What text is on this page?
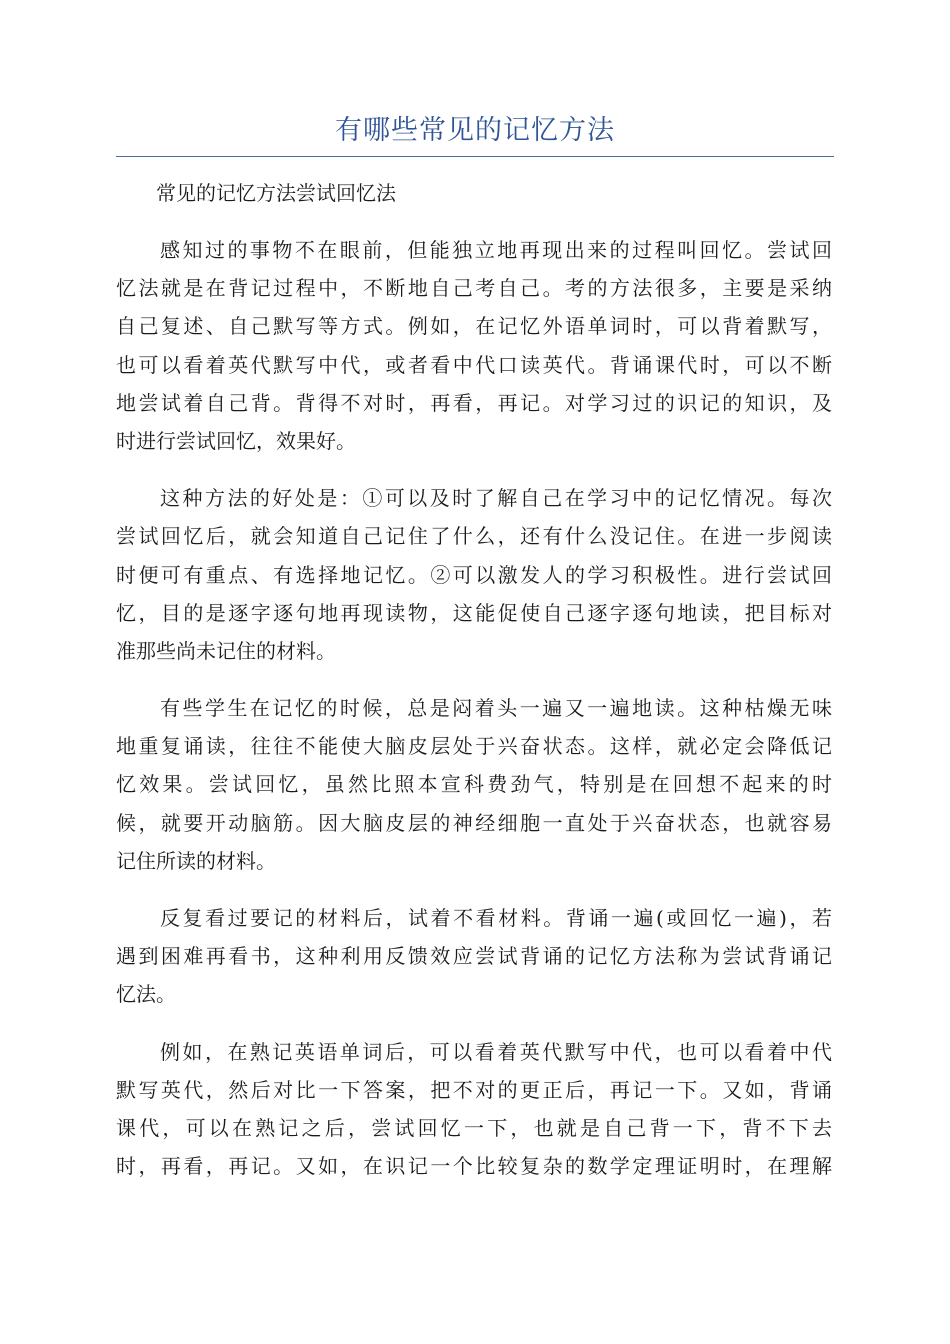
有哪些常见的记忆方法
常见的记忆方法尝试回忆法
感知过的事物不在眼前，但能独立地再现出来的过程叫回忆。尝试回
忆法就是在背记过程中，不断地自己考自己。考的方法很多，主要是采纳
自己复述、自己默写等方式。例如，在记忆外语单词时，可以背着默写，
也可以看着英代默写中代，或者看中代口读英代。背诵课代时，可以不断
地尝试着自己背。背得不对时，再看，再记。对学习过的识记的知识，及
时进行尝试回忆，效果好。
这种方法的好处是：①可以及时了解自己在学习中的记忆情况。每次
尝试回忆后，就会知道自己记住了什么，还有什么没记住。在进一步阅读
时便可有重点、有选择地记忆。②可以激发人的学习积极性。进行尝试回
忆，目的是逐字逐句地再现读物，这能促使自己逐字逐句地读，把目标对
准那些尚未记住的材料。
有些学生在记忆的时候，总是闷着头一遍又一遍地读。这种枯燥无味
地重复诵读，往往不能使大脑皮层处于兴奋状态。这样，就必定会降低记
忆效果。尝试回忆，虽然比照本宣科费劲气，特别是在回想不起来的时
候，就要开动脑筋。因大脑皮层的神经细胞一直处于兴奋状态，也就容易
记住所读的材料。
反复看过要记的材料后，试着不看材料。背诵一遍(或回忆一遍)，若
遇到困难再看书，这种利用反馈效应尝试背诵的记忆方法称为尝试背诵记
忆法。
例如，在熟记英语单词后，可以看着英代默写中代，也可以看着中代
默写英代，然后对比一下答案，把不对的更正后，再记一下。又如，背诵
课代，可以在熟记之后，尝试回忆一下，也就是自己背一下，背不下去
时，再看，再记。又如，在识记一个比较复杂的数学定理证明时，在理解
